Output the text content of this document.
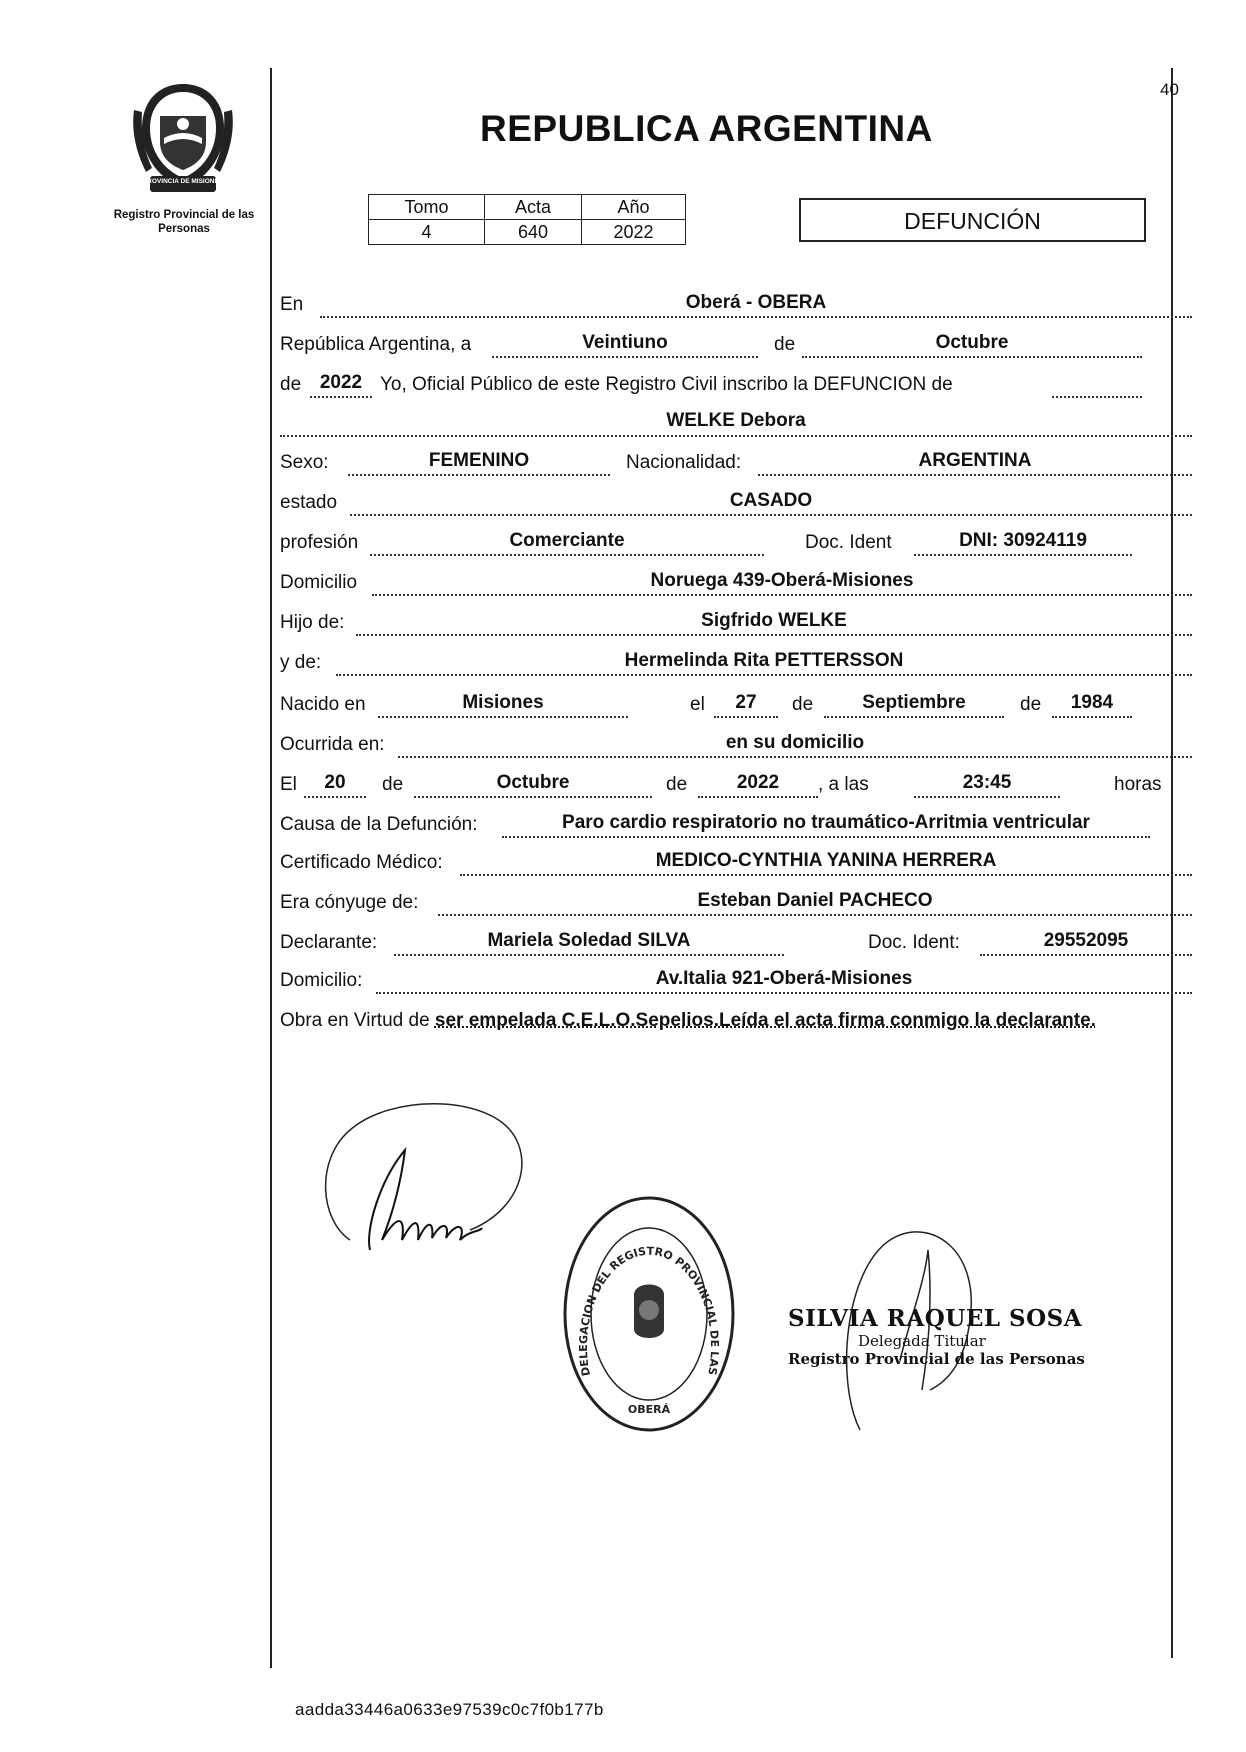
PROVINCIA DE MISIONES
Registro Provincial de las Personas
REPUBLICA ARGENTINA
40
Tomo	Acta	Año
4	640	2022	DEFUNCIÓN
En	Oberá - OBERA
República Argentina, a	Veintiuno	de	Octubre
de 2022 Yo, Oficial Público de este Registro Civil inscribo la DEFUNCION de
WELKE Debora
Sexo:	FEMENINO	Nacionalidad:	ARGENTINA
estado	CASADO
profesión	Comerciante	Doc. Ident	DNI: 30924119
Domicilio	Noruega 439-Oberá-Misiones
Hijo de:	Sigfrido WELKE
y de:	Hermelinda Rita PETTERSSON
Nacido en	Misiones	el	27	de	Septiembre	de	1984
Ocurrida en:	en su domicilio
El	20	de	Octubre	de	2022	, a las	23:45	horas
Causa de la Defunción:	Paro cardio respiratorio no traumático-Arritmia ventricular
Certificado Médico:	MEDICO-CYNTHIA YANINA HERRERA
Era cónyuge de:	Esteban Daniel PACHECO
Declarante:	Mariela Soledad SILVA	Doc. Ident:	29552095
Domicilio:	Av.Italia 921-Oberá-Misiones
Obra en Virtud de ser empelada C.E.L.O.Sepelios.Leída el acta firma conmigo la declarante.
DELEGACION DEL REGISTRO PROVINCIAL DE LAS
OBERÁ
SILVIA RAQUEL SOSA
Delegada Titular
Registro Provincial de las Personas
aadda33446a0633e97539c0c7f0b177b
